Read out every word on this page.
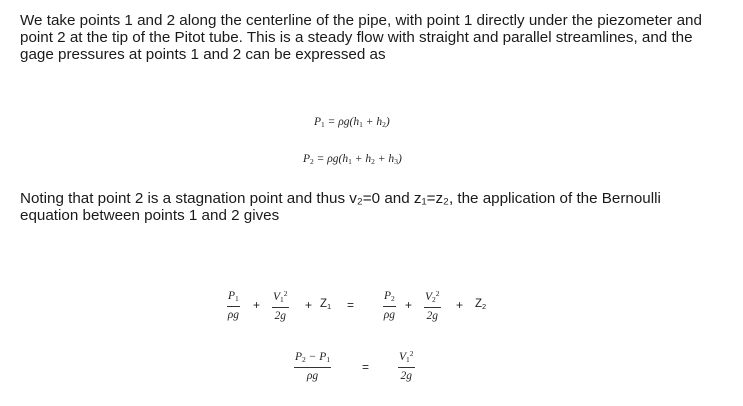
We take points 1 and 2 along the centerline of the pipe, with point 1 directly under the piezometer and point 2 at the tip of the Pitot tube. This is a steady flow with straight and parallel streamlines, and the gage pressures at points 1 and 2 can be expressed as

$P_1 = \rho g(h_1 + h_2)$
$P_2 = \rho g(h_1 + h_2 + h_3)$

Noting that point 2 is a stagnation point and thus v₂=0 and z₁=z₂, the application of the Bernoulli equation between points 1 and 2 gives

$\frac{P_1}{\rho g} + \frac{V_1^2}{2g} + Z_1$ =	$\frac{P_2}{\rho g} + \frac{V_2^2}{2g} + Z_2$
$\frac{P_2 - P_1}{\rho g}$	=	$\frac{V_1^2}{2g}$
